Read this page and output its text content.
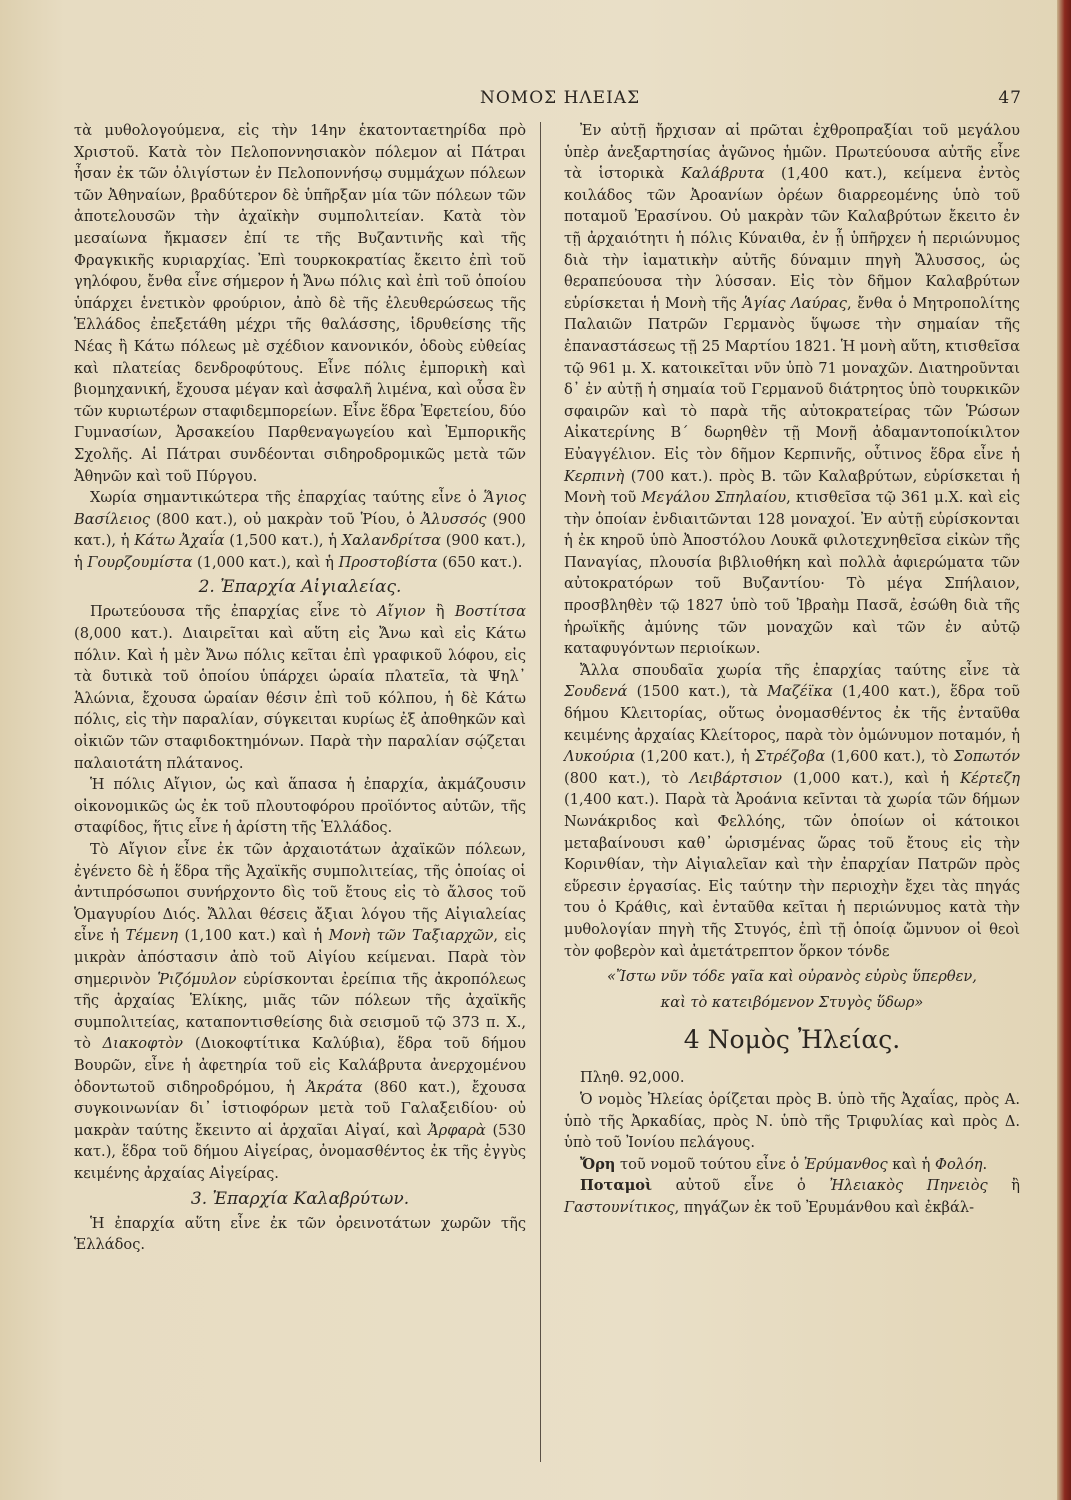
ΝΟΜΟΣ ΗΛΕΙΑΣ	47

τὰ μυθολογούμενα, εἰς τὴν 14ην ἑκατονταετηρίδα πρὸ Χριστοῦ. Κατὰ τὸν Πελοποννησιακὸν πόλεμον αἱ Πάτραι ἦσαν ἐκ τῶν ὀλιγίστων ἐν Πελοποννήσῳ συμμάχων πόλεων τῶν Ἀθηναίων, βραδύτερον δὲ ὑπῆρξαν μία τῶν πόλεων τῶν ἀποτελουσῶν τὴν ἀχαϊκὴν συμπολιτείαν. Κατὰ τὸν μεσαίωνα ἤκμασεν ἐπί τε τῆς Βυζαντινῆς καὶ τῆς Φραγκικῆς κυριαρχίας. Ἐπὶ τουρκοκρατίας ἔκειτο ἐπὶ τοῦ γηλόφου, ἔνθα εἶνε σήμερον ἡ Ἄνω πόλις καὶ ἐπὶ τοῦ ὁποίου ὑπάρχει ἑνετικὸν φρούριον, ἀπὸ δὲ τῆς ἐλευθερώσεως τῆς Ἑλλάδος ἐπεξετάθη μέχρι τῆς θαλάσσης, ἱδρυθείσης τῆς Νέας ἢ Κάτω πόλεως μὲ σχέδιον κανονικόν, ὁδοὺς εὐθείας καὶ πλατείας δενδροφύτους. Εἶνε πόλις ἐμπορικὴ καὶ βιομηχανική, ἔχουσα μέγαν καὶ ἀσφαλῆ λιμένα, καὶ οὖσα ἓν τῶν κυριωτέρων σταφιδεμπορείων. Εἶνε ἕδρα Ἐφετείου, δύο Γυμνασίων, Ἀρσακείου Παρθεναγωγείου καὶ Ἐμπορικῆς Σχολῆς. Αἱ Πάτραι συνδέονται σιδηροδρομικῶς μετὰ τῶν Ἀθηνῶν καὶ τοῦ Πύργου.

Χωρία σημαντικώτερα τῆς ἐπαρχίας ταύτης εἶνε ὁ Ἅγιος Βασίλειος (800 κατ.), οὐ μακρὰν τοῦ Ῥίου, ὁ Ἀλυσσός (900 κατ.), ἡ Κάτω Ἀχαΐα (1,500 κατ.), ἡ Χαλανδρίτσα (900 κατ.), ἡ Γουρζουμίστα (1,000 κατ.), καὶ ἡ Προστοβίστα (650 κατ.).

2. Ἐπαρχία Αἰγιαλείας.

Πρωτεύουσα τῆς ἐπαρχίας εἶνε τὸ Αἴγιον ἢ Βοστίτσα (8,000 κατ.). Διαιρεῖται καὶ αὕτη εἰς Ἄνω καὶ εἰς Κάτω πόλιν. Καὶ ἡ μὲν Ἄνω πόλις κεῖται ἐπὶ γραφικοῦ λόφου, εἰς τὰ δυτικὰ τοῦ ὁποίου ὑπάρχει ὡραία πλατεῖα, τὰ Ψηλ᾽ Ἁλώνια, ἔχουσα ὡραίαν θέσιν ἐπὶ τοῦ κόλπου, ἡ δὲ Κάτω πόλις, εἰς τὴν παραλίαν, σύγκειται κυρίως ἐξ ἀποθηκῶν καὶ οἰκιῶν τῶν σταφιδοκτημόνων. Παρὰ τὴν παραλίαν σῴζεται παλαιοτάτη πλάτανος.

Ἡ πόλις Αἴγιον, ὡς καὶ ἅπασα ἡ ἐπαρχία, ἀκμάζουσιν οἰκονομικῶς ὡς ἐκ τοῦ πλουτοφόρου προϊόντος αὐτῶν, τῆς σταφίδος, ἥτις εἶνε ἡ ἀρίστη τῆς Ἑλλάδος.

Τὸ Αἴγιον εἶνε ἐκ τῶν ἀρχαιοτάτων ἀχαϊκῶν πόλεων, ἐγένετο δὲ ἡ ἕδρα τῆς Ἀχαϊκῆς συμπολιτείας, τῆς ὁποίας οἱ ἀντιπρόσωποι συνήρχοντο δὶς τοῦ ἔτους εἰς τὸ ἄλσος τοῦ Ὁμαγυρίου Διός. Ἄλλαι θέσεις ἄξιαι λόγου τῆς Αἰγιαλείας εἶνε ἡ Τέμενη (1,100 κατ.) καὶ ἡ Μονὴ τῶν Ταξιαρχῶν, εἰς μικρὰν ἀπόστασιν ἀπὸ τοῦ Αἰγίου κείμεναι. Παρὰ τὸν σημερινὸν Ῥιζόμυλον εὑρίσκονται ἐρείπια τῆς ἀκροπόλεως τῆς ἀρχαίας Ἑλίκης, μιᾶς τῶν πόλεων τῆς ἀχαϊκῆς συμπολιτείας, καταποντισθείσης διὰ σεισμοῦ τῷ 373 π. Χ., τὸ Διακοφτὸν (Διοκοφτίτικα Καλύβια), ἕδρα τοῦ δήμου Βουρῶν, εἶνε ἡ ἀφετηρία τοῦ εἰς Καλάβρυτα ἀνερχομένου ὀδοντωτοῦ σιδηροδρόμου, ἡ Ἀκράτα (860 κατ.), ἔχουσα συγκοινωνίαν δι᾽ ἱστιοφόρων μετὰ τοῦ Γαλαξειδίου· οὐ μακρὰν ταύτης ἔκειντο αἱ ἀρχαῖαι Αἰγαί, καὶ Ἀρφαρὰ (530 κατ.), ἕδρα τοῦ δήμου Αἰγείρας, ὀνομασθέντος ἐκ τῆς ἐγγὺς κειμένης ἀρχαίας Αἰγείρας.

3. Ἐπαρχία Καλαβρύτων.

Ἡ ἐπαρχία αὕτη εἶνε ἐκ τῶν ὀρεινοτάτων χωρῶν τῆς Ἑλλάδος.

Ἐν αὐτῇ ἤρχισαν αἱ πρῶται ἐχθροπραξίαι τοῦ μεγάλου ὑπὲρ ἀνεξαρτησίας ἀγῶνος ἡμῶν. Πρωτεύουσα αὐτῆς εἶνε τὰ ἱστορικὰ Καλάβρυτα (1,400 κατ.), κείμενα ἐντὸς κοιλάδος τῶν Ἀροανίων ὀρέων διαρρεομένης ὑπὸ τοῦ ποταμοῦ Ἐρασίνου. Οὐ μακρὰν τῶν Καλαβρύτων ἔκειτο ἐν τῇ ἀρχαιότητι ἡ πόλις Κύναιθα, ἐν ᾗ ὑπῆρχεν ἡ περιώνυμος διὰ τὴν ἰαματικὴν αὐτῆς δύναμιν πηγὴ Ἄλυσσος, ὡς θεραπεύουσα τὴν λύσσαν. Εἰς τὸν δῆμον Καλαβρύτων εὑρίσκεται ἡ Μονὴ τῆς Ἁγίας Λαύρας, ἔνθα ὁ Μητροπολίτης Παλαιῶν Πατρῶν Γερμανὸς ὕψωσε τὴν σημαίαν τῆς ἐπαναστάσεως τῇ 25 Μαρτίου 1821. Ἡ μονὴ αὕτη, κτισθεῖσα τῷ 961 μ. Χ. κατοικεῖται νῦν ὑπὸ 71 μοναχῶν. Διατηροῦνται δ᾽ ἐν αὐτῇ ἡ σημαία τοῦ Γερμανοῦ διάτρητος ὑπὸ τουρκικῶν σφαιρῶν καὶ τὸ παρὰ τῆς αὐτοκρατείρας τῶν Ῥώσων Αἰκατερίνης Β´ δωρηθὲν τῇ Μονῇ ἀδαμαντοποίκιλτον Εὐαγγέλιον. Εἰς τὸν δῆμον Κερπινῆς, οὗτινος ἕδρα εἶνε ἡ Κερπινὴ (700 κατ.). πρὸς Β. τῶν Καλαβρύτων, εὑρίσκεται ἡ Μονὴ τοῦ Μεγάλου Σπηλαίου, κτισθεῖσα τῷ 361 μ.Χ. καὶ εἰς τὴν ὁποίαν ἐνδιαιτῶνται 128 μοναχοί. Ἐν αὐτῇ εὑρίσκονται ἡ ἐκ κηροῦ ὑπὸ Ἀποστόλου Λουκᾶ φιλοτεχνηθεῖσα εἰκὼν τῆς Παναγίας, πλουσία βιβλιοθήκη καὶ πολλὰ ἀφιερώματα τῶν αὐτοκρατόρων τοῦ Βυζαντίου· Τὸ μέγα Σπήλαιον, προσβληθὲν τῷ 1827 ὑπὸ τοῦ Ἰβραὴμ Πασᾶ, ἐσώθη διὰ τῆς ἡρωϊκῆς ἀμύνης τῶν μοναχῶν καὶ τῶν ἐν αὐτῷ καταφυγόντων περιοίκων.

Ἄλλα σπουδαῖα χωρία τῆς ἐπαρχίας ταύτης εἶνε τὰ Σουδενά (1500 κατ.), τὰ Μαζέϊκα (1,400 κατ.), ἕδρα τοῦ δήμου Κλειτορίας, οὕτως ὀνομασθέντος ἐκ τῆς ἐνταῦθα κειμένης ἀρχαίας Κλείτορος, παρὰ τὸν ὁμώνυμον ποταμόν, ἡ Λυκούρια (1,200 κατ.), ἡ Στρέζοβα (1,600 κατ.), τὸ Σοπωτόν (800 κατ.), τὸ Λειβάρτσιον (1,000 κατ.), καὶ ἡ Κέρτεζη (1,400 κατ.). Παρὰ τὰ Ἀροάνια κεῖνται τὰ χωρία τῶν δήμων Νωνάκριδος καὶ Φελλόης, τῶν ὁποίων οἱ κάτοικοι μεταβαίνουσι καθ᾽ ὡρισμένας ὥρας τοῦ ἔτους εἰς τὴν Κορινθίαν, τὴν Αἰγιαλεῖαν καὶ τὴν ἐπαρχίαν Πατρῶν πρὸς εὕρεσιν ἐργασίας. Εἰς ταύτην τὴν περιοχὴν ἔχει τὰς πηγάς του ὁ Κράθις, καὶ ἐνταῦθα κεῖται ἡ περιώνυμος κατὰ τὴν μυθολογίαν πηγὴ τῆς Στυγός, ἐπὶ τῇ ὁποίᾳ ὤμνυον οἱ θεοὶ τὸν φοβερὸν καὶ ἀμετάτρεπτον ὅρκον τόνδε

«Ἴστω νῦν τόδε γαῖα καὶ οὐρανὸς εὐρὺς ὕπερθεν,

καὶ τὸ κατειβόμενον Στυγὸς ὕδωρ»

4 Νομὸς Ἠλείας.

Πληθ. 92,000.

Ὁ νομὸς Ἠλείας ὁρίζεται πρὸς Β. ὑπὸ τῆς Ἀχαΐας, πρὸς Α. ὑπὸ τῆς Ἀρκαδίας, πρὸς Ν. ὑπὸ τῆς Τριφυλίας καὶ πρὸς Δ. ὑπὸ τοῦ Ἰονίου πελάγους.

Ὄρη τοῦ νομοῦ τούτου εἶνε ὁ Ἐρύμανθος καὶ ἡ Φολόη.

Ποταμοὶ αὐτοῦ εἶνε ὁ Ἠλειακὸς Πηνειὸς ἢ Γαστουνίτικος, πηγάζων ἐκ τοῦ Ἐρυμάνθου καὶ ἐκβάλ-
